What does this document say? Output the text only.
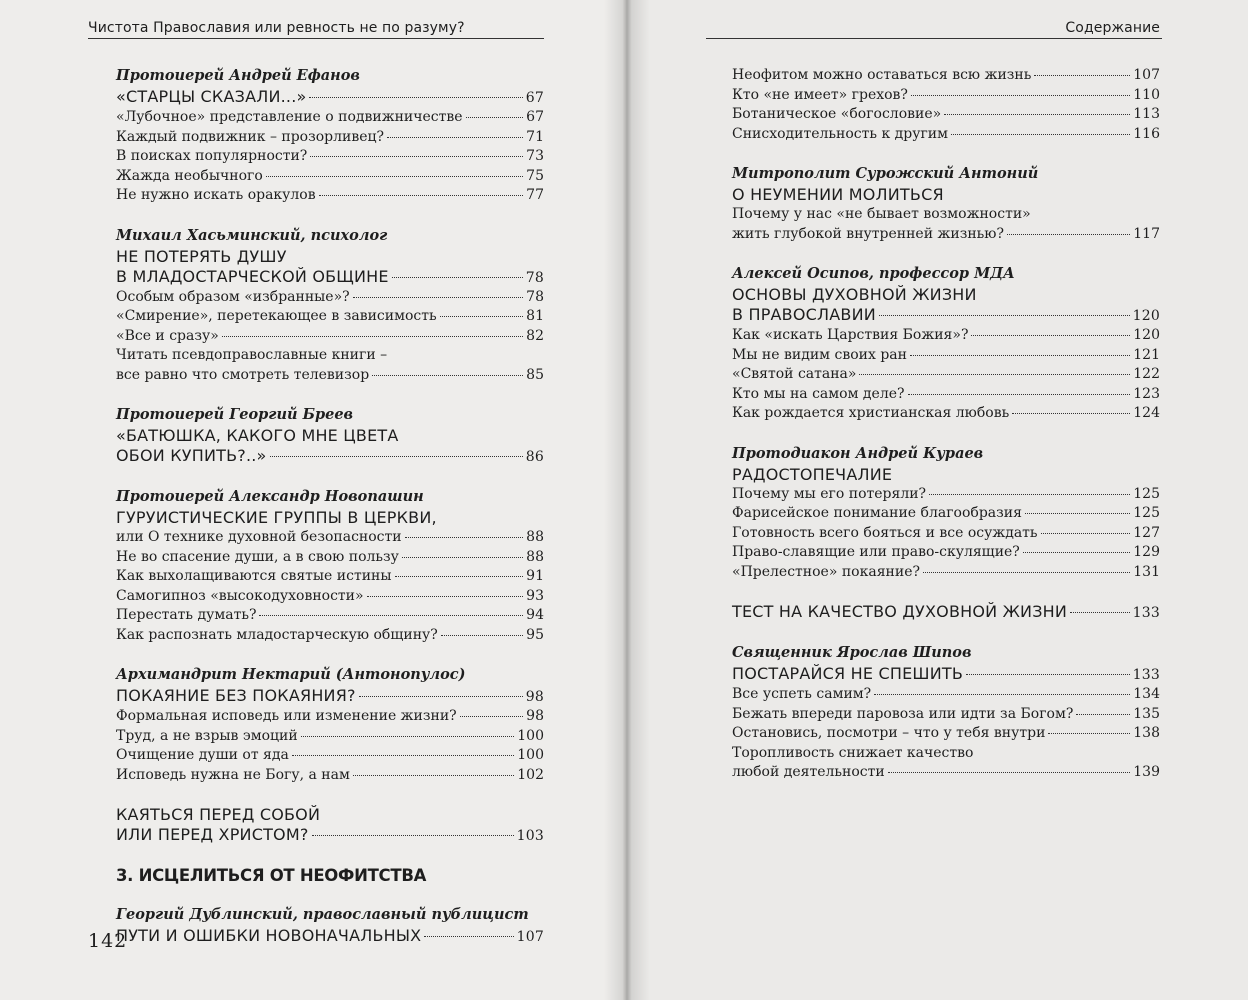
Чистота Православия или ревность не по разуму?
Протоиерей Андрей Ефанов
«СТАРЦЫ СКАЗАЛИ...»	67
«Лубочное» представление о подвижничестве	67
Каждый подвижник – прозорливец?	71
В поисках популярности?	73
Жажда необычного	75
Не нужно искать оракулов	77
Михаил Хасьминский, психолог
НЕ ПОТЕРЯТЬ ДУШУ
В МЛАДОСТАРЧЕСКОЙ ОБЩИНЕ	78
Особым образом «избранные»?	78
«Смирение», перетекающее в зависимость	81
«Все и сразу»	82
Читать псевдоправославные книги –
все равно что смотреть телевизор	85
Протоиерей Георгий Бреев
«БАТЮШКА, КАКОГО МНЕ ЦВЕТА
ОБОИ КУПИТЬ?..»	86
Протоиерей Александр Новопашин
ГУРУИСТИЧЕСКИЕ ГРУППЫ В ЦЕРКВИ,
или О технике духовной безопасности	88
Не во спасение души, а в свою пользу	88
Как выхолащиваются святые истины	91
Самогипноз «высокодуховности»	93
Перестать думать?	94
Как распознать младостарческую общину?	95
Архимандрит Нектарий (Антонопулос)
ПОКАЯНИЕ БЕЗ ПОКАЯНИЯ?	98
Формальная исповедь или изменение жизни?	98
Труд, а не взрыв эмоций	100
Очищение души от яда	100
Исповедь нужна не Богу, а нам	102
КАЯТЬСЯ ПЕРЕД СОБОЙ
ИЛИ ПЕРЕД ХРИСТОМ?	103
3. ИСЦЕЛИТЬСЯ ОТ НЕОФИТСТВА
Георгий Дублинский, православный публицист
ПУТИ И ОШИБКИ НОВОНАЧАЛЬНЫХ	107
142
Содержание
Неофитом можно оставаться всю жизнь	107
Кто «не имеет» грехов?	110
Ботаническое «богословие»	113
Снисходительность к другим	116
Митрополит Сурожский Антоний
О НЕУМЕНИИ МОЛИТЬСЯ
Почему у нас «не бывает возможности»
жить глубокой внутренней жизнью?	117
Алексей Осипов, профессор МДА
ОСНОВЫ ДУХОВНОЙ ЖИЗНИ
В ПРАВОСЛАВИИ	120
Как «искать Царствия Божия»?	120
Мы не видим своих ран	121
«Святой сатана»	122
Кто мы на самом деле?	123
Как рождается христианская любовь	124
Протодиакон Андрей Кураев
РАДОСТОПЕЧАЛИЕ
Почему мы его потеряли?	125
Фарисейское понимание благообразия	125
Готовность всего бояться и все осуждать	127
Право-славящие или право-скулящие?	129
«Прелестное» покаяние?	131
ТЕСТ НА КАЧЕСТВО ДУХОВНОЙ ЖИЗНИ	133
Священник Ярослав Шипов
ПОСТАРАЙСЯ НЕ СПЕШИТЬ	133
Все успеть самим?	134
Бежать впереди паровоза или идти за Богом?	135
Остановись, посмотри – что у тебя внутри	138
Торопливость снижает качество
любой деятельности	139
